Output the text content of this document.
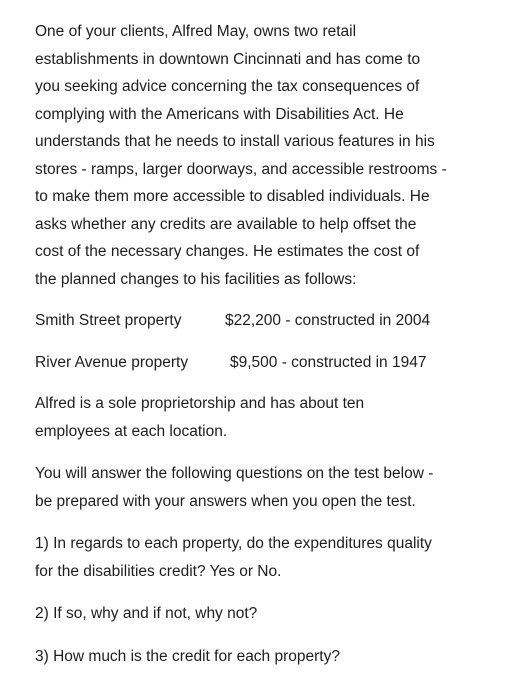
One of your clients, Alfred May, owns two retail
establishments in downtown Cincinnati and has come to
you seeking advice concerning the tax consequences of
complying with the Americans with Disabilities Act. He
understands that he needs to install various features in his
stores - ramps, larger doorways, and accessible restrooms -
to make them more accessible to disabled individuals. He
asks whether any credits are available to help offset the
cost of the necessary changes. He estimates the cost of
the planned changes to his facilities as follows:

Smith Street property	$22,200 - constructed in 2004
River Avenue property	$9,500 - constructed in 1947

Alfred is a sole proprietorship and has about ten
employees at each location.

You will answer the following questions on the test below -
be prepared with your answers when you open the test.

1) In regards to each property, do the expenditures quality
for the disabilities credit? Yes or No.

2) If so, why and if not, why not?

3) How much is the credit for each property?
